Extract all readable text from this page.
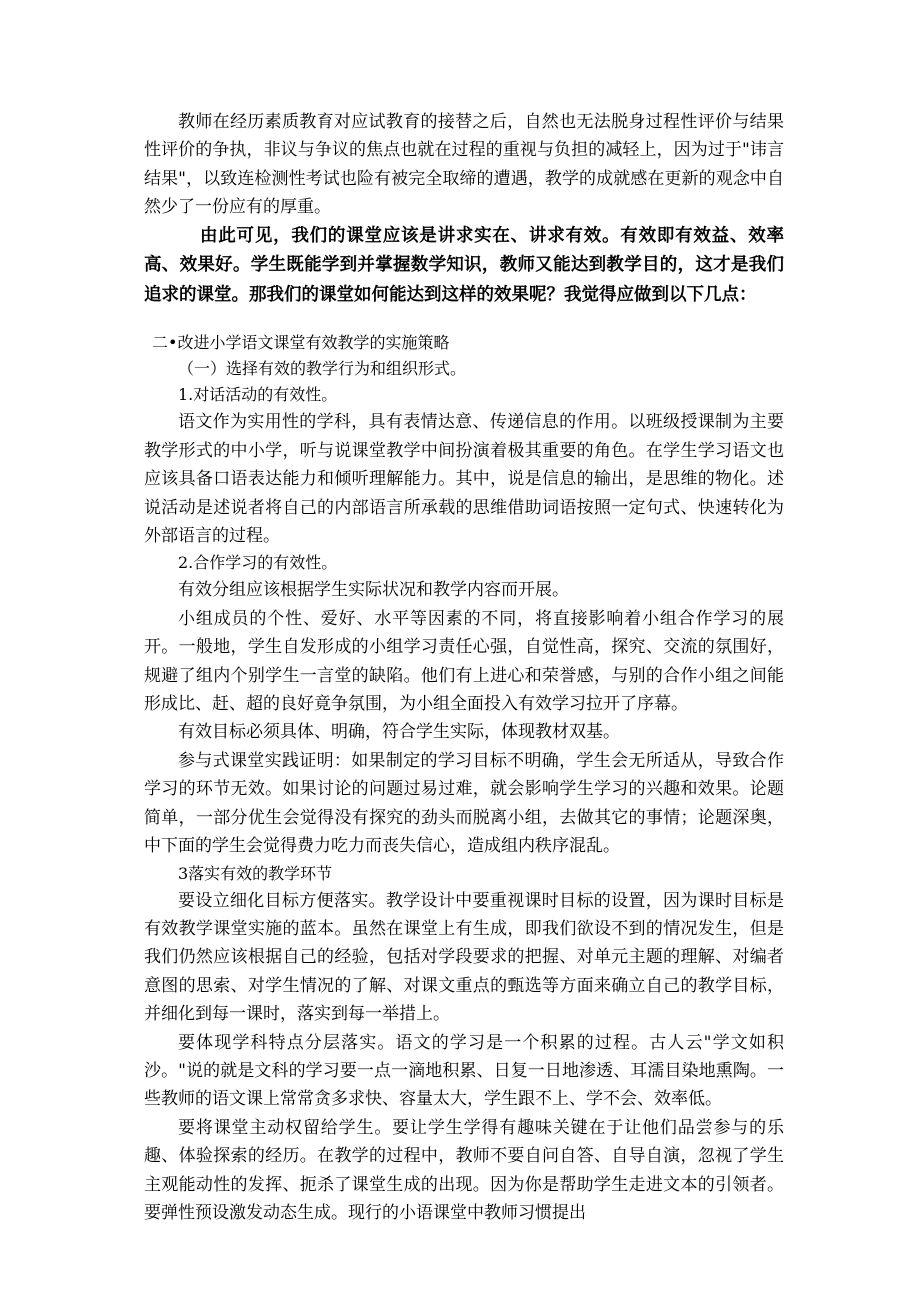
教师在经历素质教育对应试教育的接替之后，自然也无法脱身过程性评价与结果性评价的争执，非议与争议的焦点也就在过程的重视与负担的减轻上，因为过于"讳言结果"，以致连检测性考试也险有被完全取缔的遭遇，教学的成就感在更新的观念中自然少了一份应有的厚重。

由此可见，我们的课堂应该是讲求实在、讲求有效。有效即有效益、效率高、效果好。学生既能学到并掌握数学知识，教师又能达到教学目的，这才是我们追求的课堂。那我们的课堂如何能达到这样的效果呢？我觉得应做到以下几点：

二•改进小学语文课堂有效教学的实施策略

（一）选择有效的教学行为和组织形式。

1.对话活动的有效性。

语文作为实用性的学科，具有表情达意、传递信息的作用。以班级授课制为主要教学形式的中小学，听与说课堂教学中间扮演着极其重要的角色。在学生学习语文也应该具备口语表达能力和倾听理解能力。其中，说是信息的输出，是思维的物化。述说活动是述说者将自己的内部语言所承载的思维借助词语按照一定句式、快速转化为外部语言的过程。

2.合作学习的有效性。

有效分组应该根据学生实际状况和教学内容而开展。

小组成员的个性、爱好、水平等因素的不同，将直接影响着小组合作学习的展开。一般地，学生自发形成的小组学习责任心强，自觉性高，探究、交流的氛围好，规避了组内个别学生一言堂的缺陷。他们有上进心和荣誉感，与别的合作小组之间能形成比、赶、超的良好竟争氛围，为小组全面投入有效学习拉开了序幕。

有效目标必须具体、明确，符合学生实际，体现教材双基。

参与式课堂实践证明：如果制定的学习目标不明确，学生会无所适从，导致合作学习的环节无效。如果讨论的问题过易过难，就会影响学生学习的兴趣和效果。论题简单，一部分优生会觉得没有探究的劲头而脱离小组，去做其它的事情；论题深奥，中下面的学生会觉得费力吃力而丧失信心，造成组内秩序混乱。

3落实有效的教学环节

要设立细化目标方便落实。教学设计中要重视课时目标的设置，因为课时目标是有效教学课堂实施的蓝本。虽然在课堂上有生成，即我们欲设不到的情况发生，但是我们仍然应该根据自己的经验，包括对学段要求的把握、对单元主题的理解、对编者意图的思索、对学生情况的了解、对课文重点的甄选等方面来确立自己的教学目标，并细化到每一课时，落实到每一举措上。

要体现学科特点分层落实。语文的学习是一个积累的过程。古人云"学文如积沙。"说的就是文科的学习要一点一滴地积累、日复一日地渗透、耳濡目染地熏陶。一些教师的语文课上常常贪多求快、容量太大，学生跟不上、学不会、效率低。

要将课堂主动权留给学生。要让学生学得有趣味关键在于让他们品尝参与的乐趣、体验探索的经历。在教学的过程中，教师不要自问自答、自导自演，忽视了学生主观能动性的发挥、扼杀了课堂生成的出现。因为你是帮助学生走进文本的引领者。要弹性预设激发动态生成。现行的小语课堂中教师习惯提出
